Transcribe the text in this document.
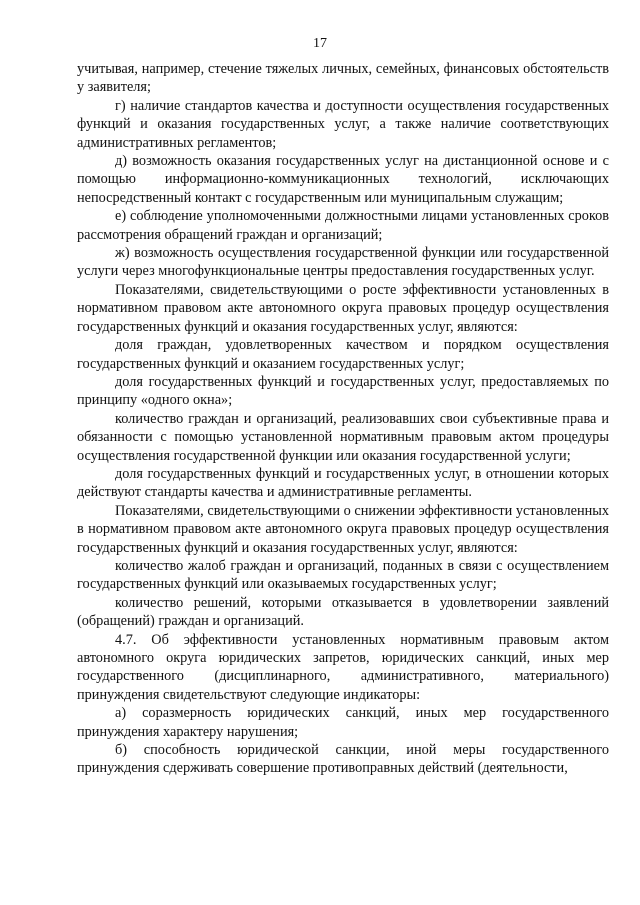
17

учитывая, например, стечение тяжелых личных, семейных, финансовых обстоятельств у заявителя;

г) наличие стандартов качества и доступности осуществления государственных функций и оказания государственных услуг, а также наличие соответствующих административных регламентов;

д) возможность оказания государственных услуг на дистанционной основе и с помощью информационно-коммуникационных технологий, исключающих непосредственный контакт с государственным или муниципальным служащим;

е) соблюдение уполномоченными должностными лицами установленных сроков рассмотрения обращений граждан и организаций;

ж) возможность осуществления государственной функции или государственной услуги через многофункциональные центры предоставления государственных услуг.

Показателями, свидетельствующими о росте эффективности установленных в нормативном правовом акте автономного округа правовых процедур осуществления государственных функций и оказания государственных услуг, являются:

доля граждан, удовлетворенных качеством и порядком осуществления государственных функций и оказанием государственных услуг;

доля государственных функций и государственных услуг, предоставляемых по принципу «одного окна»;

количество граждан и организаций, реализовавших свои субъективные права и обязанности с помощью установленной нормативным правовым актом процедуры осуществления государственной функции или оказания государственной услуги;

доля государственных функций и государственных услуг, в отношении которых действуют стандарты качества и административные регламенты.

Показателями, свидетельствующими о снижении эффективности установленных в нормативном правовом акте автономного округа правовых процедур осуществления государственных функций и оказания государственных услуг, являются:

количество жалоб граждан и организаций, поданных в связи с осуществлением государственных функций или оказываемых государственных услуг;

количество решений, которыми отказывается в удовлетворении заявлений (обращений) граждан и организаций.

4.7. Об эффективности установленных нормативным правовым актом автономного округа юридических запретов, юридических санкций, иных мер государственного (дисциплинарного, административного, материального) принуждения свидетельствуют следующие индикаторы:

а) соразмерность юридических санкций, иных мер государственного принуждения характеру нарушения;

б) способность юридической санкции, иной меры государственного принуждения сдерживать совершение противоправных действий (деятельности,
